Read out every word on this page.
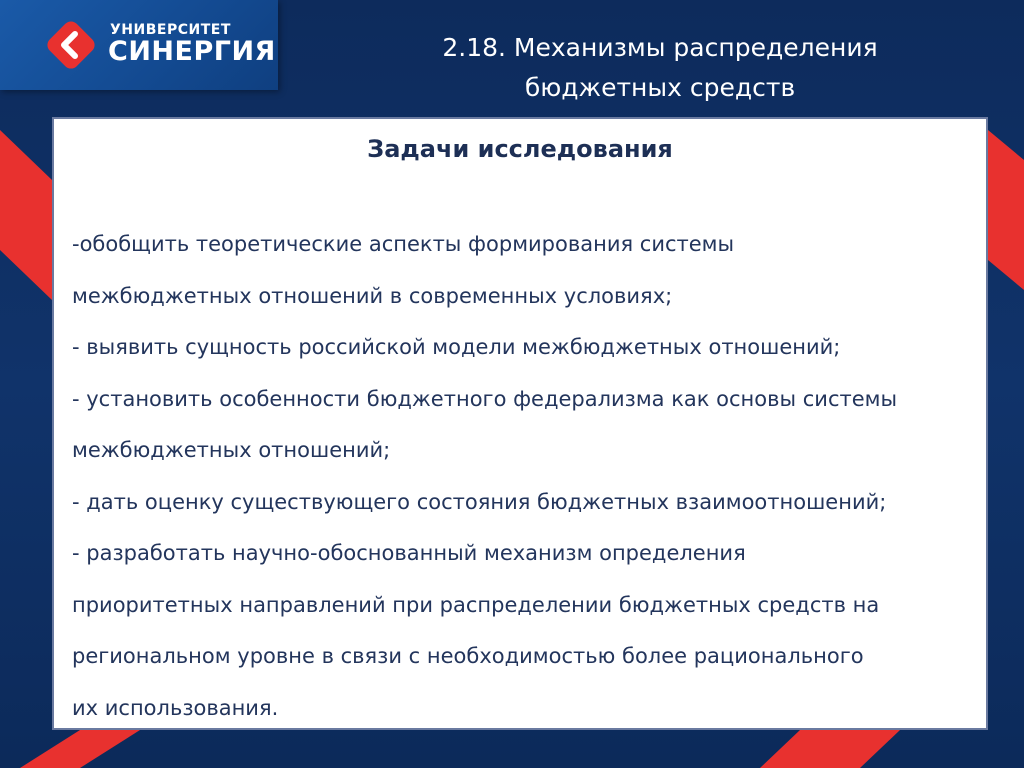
УНИВЕРСИТЕТ
СИНЕРГИЯ	2.18. Механизмы распределения
бюджетных средств
Задачи исследования
-обобщить теоретические аспекты формирования системы
межбюджетных отношений в современных условиях;
- выявить сущность российской модели межбюджетных отношений;
- установить особенности бюджетного федерализма как основы системы
межбюджетных отношений;
- дать оценку существующего состояния бюджетных взаимоотношений;
- разработать научно-обоснованный механизм определения
приоритетных направлений при распределении бюджетных средств на
региональном уровне в связи с необходимостью более рационального
их использования.
